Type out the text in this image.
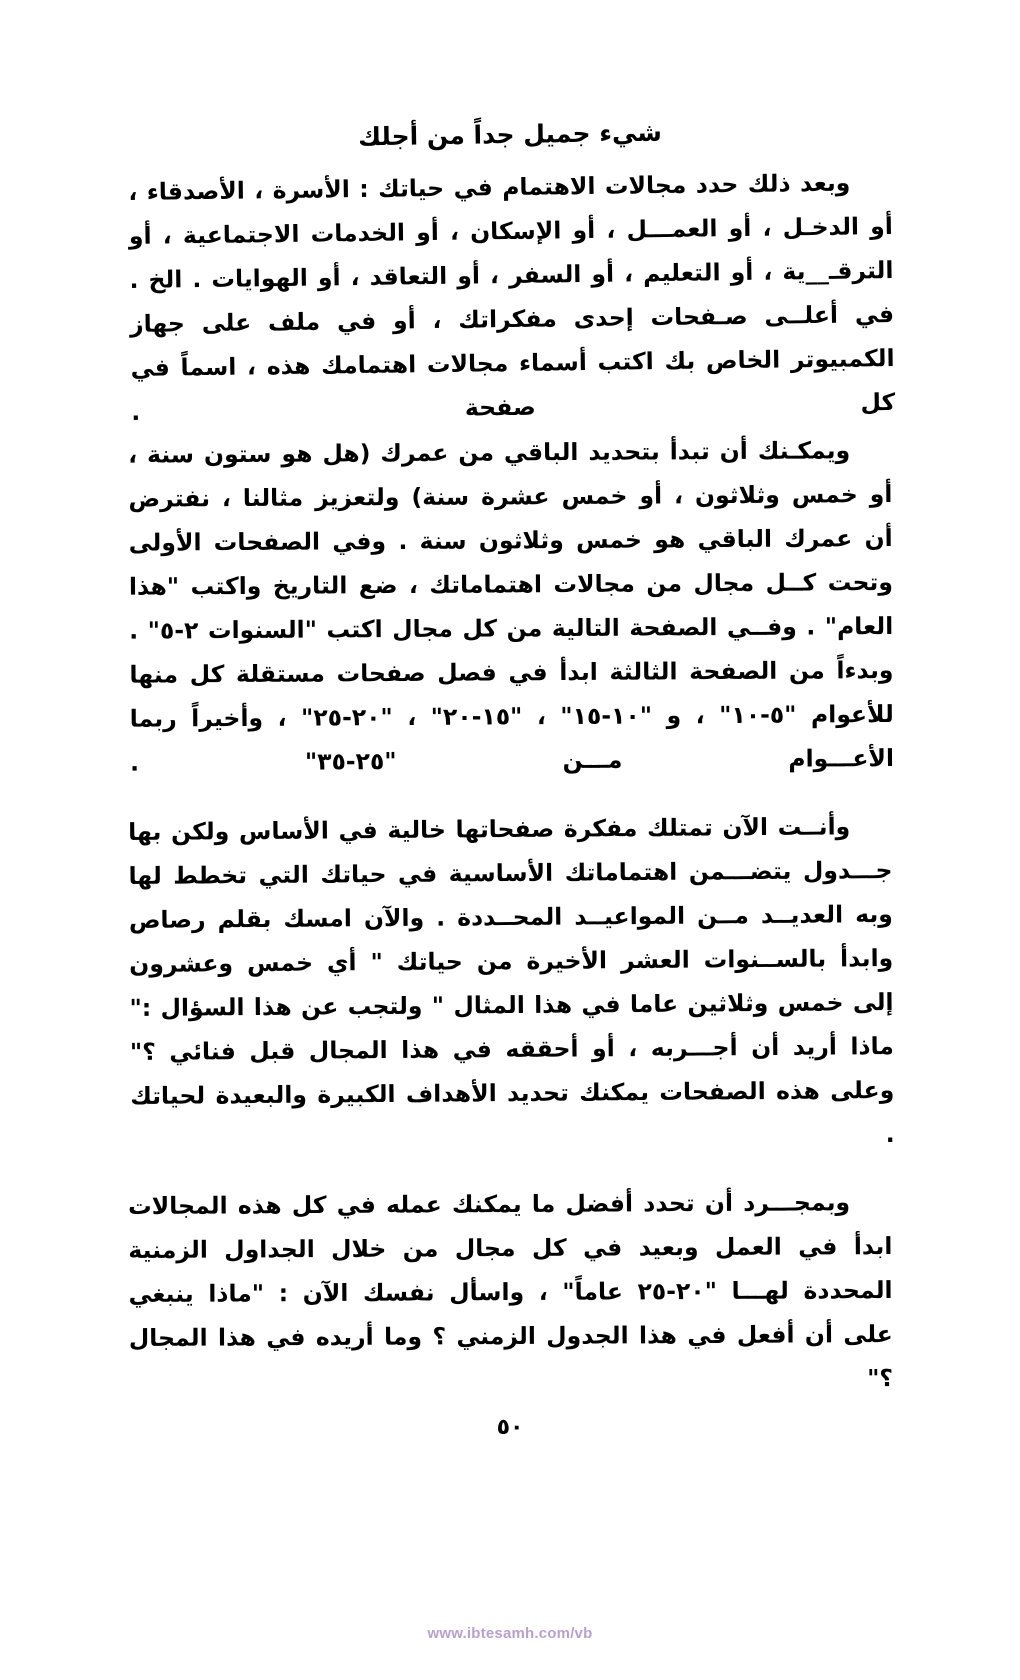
شيء جميل جداً من أجلك

وبعد ذلك حدد مجالات الاهتمام في حياتك : الأسرة ، الأصدقاء ، أو الدخـل ، أو العمـــل ، أو الإسكان ، أو الخدمات الاجتماعية ، أو الترقـ__ية ، أو التعليم ، أو السفر ، أو التعاقد ، أو الهوايات . الخ . في أعلــى صـفحات إحدى مفكراتك ، أو في ملف على جهاز الكمبيوتر الخاص بك اكتب أسماء مجالات اهتمامك هذه ، اسماً في كل صفحة .

ويمكـنك أن تبدأ بتحديد الباقي من عمرك (هل هو ستون سنة ، أو خمس وثلاثون ، أو خمس عشرة سنة) ولتعزيز مثالنا ، نفترض أن عمرك الباقي هو خمس وثلاثون سنة . وفي الصفحات الأولى وتحت كــل مجال من مجالات اهتماماتك ، ضع التاريخ واكتب "هذا العام" . وفــي الصفحة التالية من كل مجال اكتب "السنوات ٢-٥" . وبدءاً من الصفحة الثالثة ابدأ في فصل صفحات مستقلة كل منها للأعوام "٥-١٠" ، و "١٠-١٥" ، "١٥-٢٠" ، "٢٠-٢٥" ، وأخيراً ربما الأعـــوام مـــن "٢٥-٣٥" .

وأنــت الآن تمتلك مفكرة صفحاتها خالية في الأساس ولكن بها جـــدول يتضـــمن اهتماماتك الأساسية في حياتك التي تخطط لها وبه العديــد مــن المواعيــد المحــددة . والآن امسك بقلم رصاص وابدأ بالســنوات العشر الأخيرة من حياتك " أي خمس وعشرون إلى خمس وثلاثين عاما في هذا المثال " ولتجب عن هذا السؤال :" ماذا أريد أن أجـــربه ، أو أحققه في هذا المجال قبل فنائي ؟" وعلى هذه الصفحات يمكنك تحديد الأهداف الكبيرة والبعيدة لحياتك .

وبمجـــرد أن تحدد أفضل ما يمكنك عمله في كل هذه المجالات ابدأ في العمل وبعيد في كل مجال من خلال الجداول الزمنية المحددة لهـــا "٢٠-٢٥ عاماً" ، واسأل نفسك الآن : "ماذا ينبغي على أن أفعل في هذا الجدول الزمني ؟ وما أريده في هذا المجال ؟"

٥٠
www.ibtesamh.com/vb
